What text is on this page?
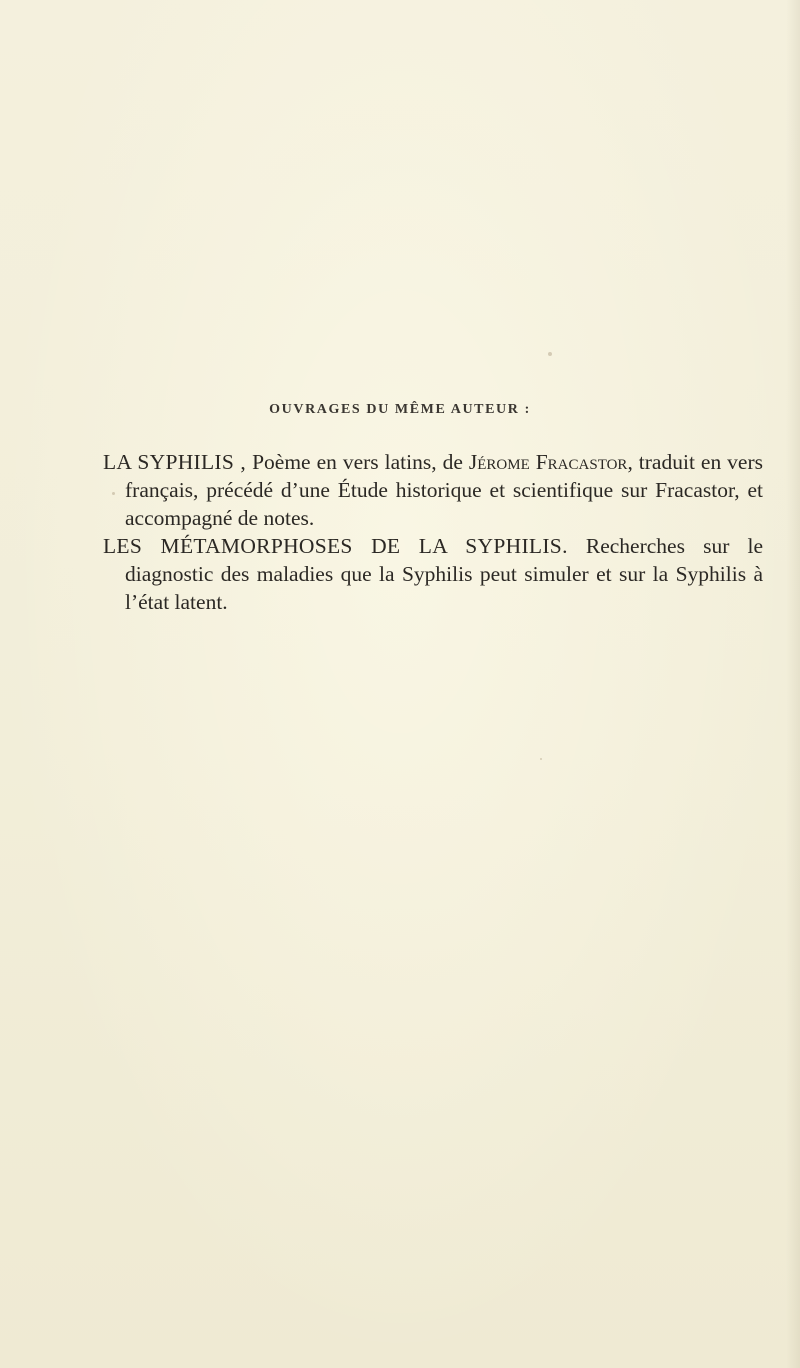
OUVRAGES DU MÊME AUTEUR :

LA SYPHILIS , Poème en vers latins, de Jérome Fracastor, traduit en vers français, précédé d’une Étude historique et scientifique sur Fracastor, et accompagné de notes.

LES MÉTAMORPHOSES DE LA SYPHILIS. Recherches sur le diagnostic des maladies que la Syphilis peut simuler et sur la Syphilis à l’état latent.
